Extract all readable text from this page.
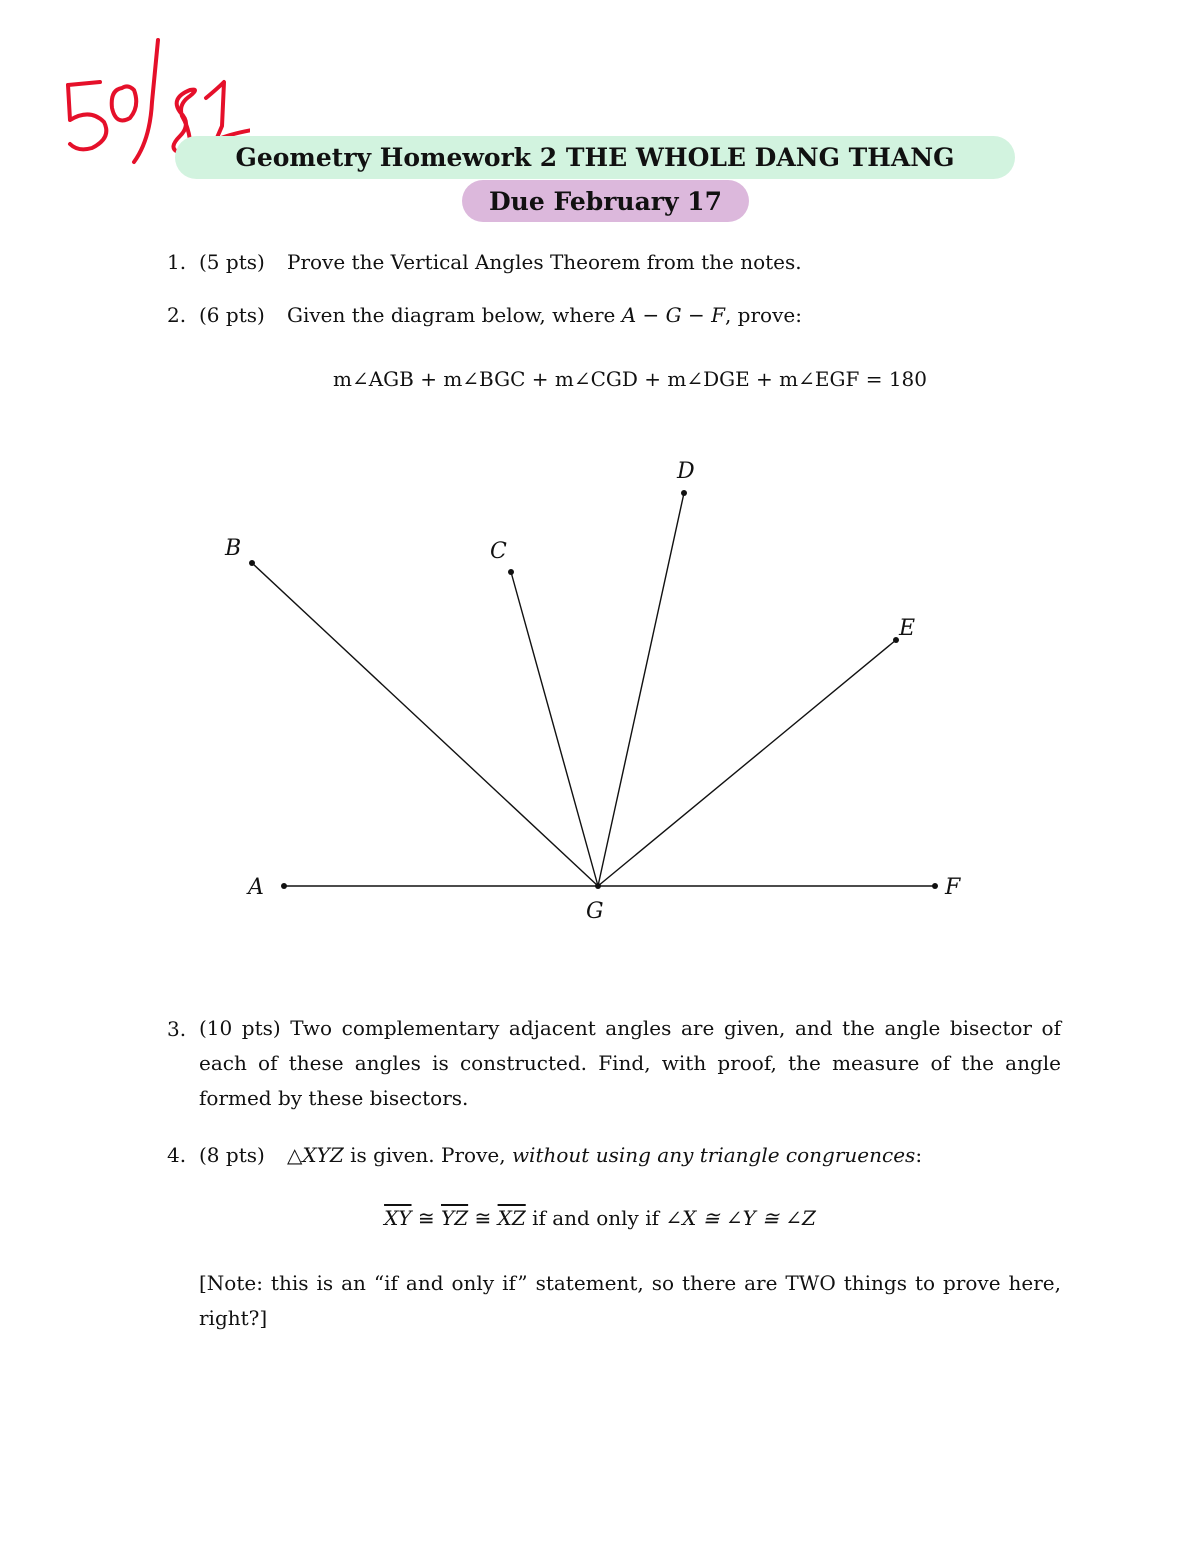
Geometry Homework 2 THE WHOLE DANG THANG
Due February 17
1. (5 pts) Prove the Vertical Angles Theorem from the notes.
2. (6 pts) Given the diagram below, where A − G − F, prove:
m∠AGB + m∠BGC + m∠CGD + m∠DGE + m∠EGF = 180
A
B	C
D
E
F
G
3. (10 pts) Two complementary adjacent angles are given, and the angle bisector of each of these angles is constructed. Find, with proof, the measure of the angle formed by these bisectors.
4. (8 pts) △XYZ is given. Prove, without using any triangle congruences:
$\overline{XY}$ ≅ $\overline{YZ}$ ≅ $\overline{XZ}$ if and only if ∠X ≅ ∠Y ≅ ∠Z
[Note: this is an “if and only if” statement, so there are TWO things to prove here, right?]
